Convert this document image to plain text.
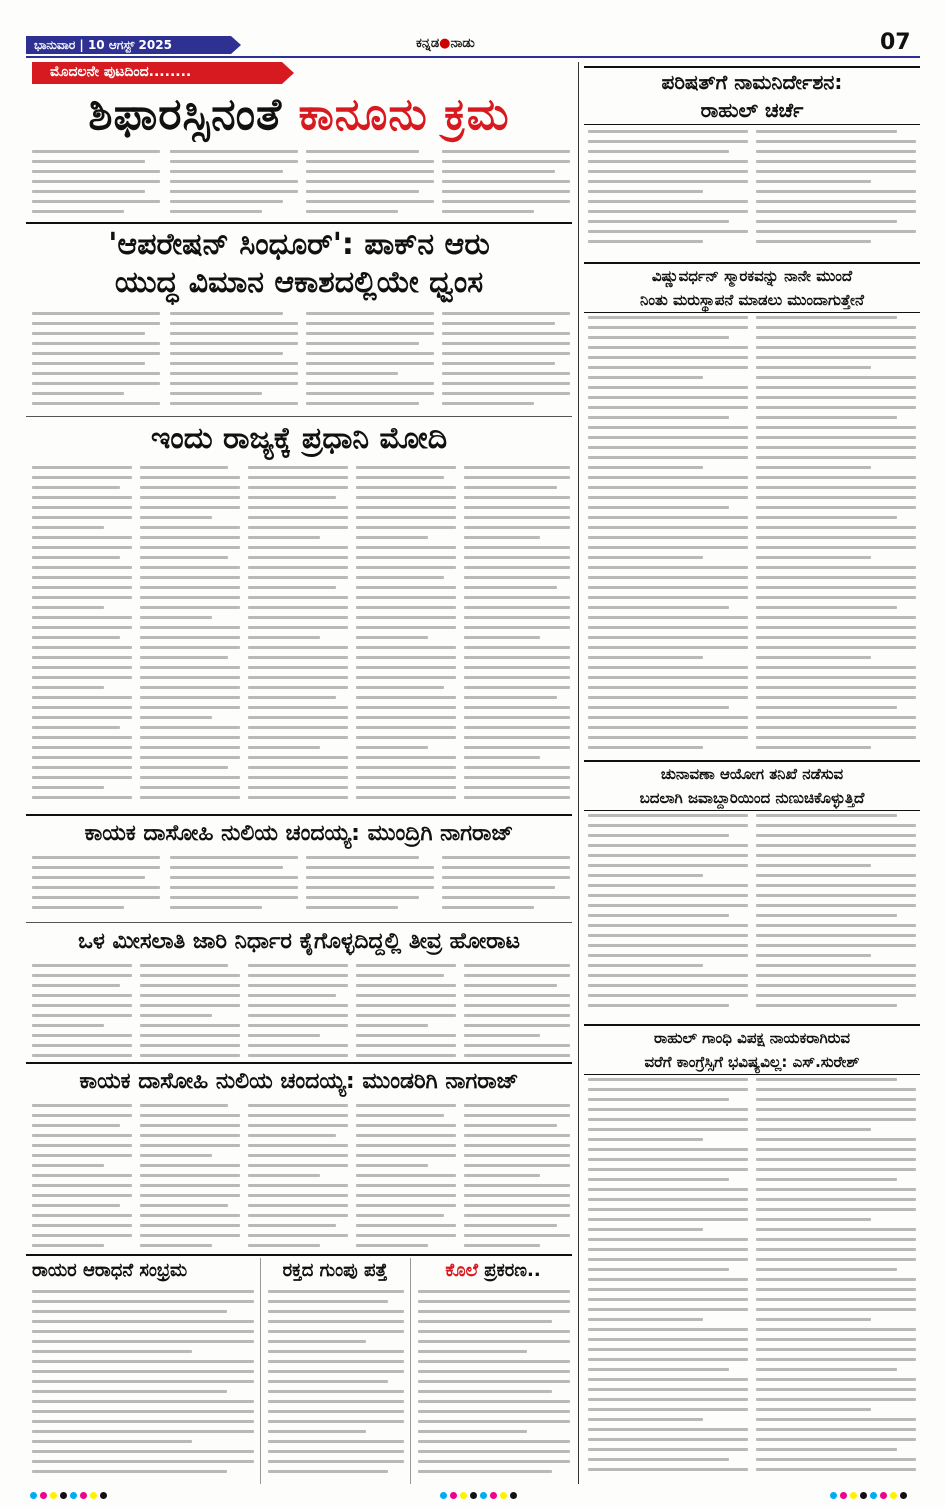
ಭಾನುವಾರ | 10 ಆಗಸ್ಟ್ 2025	ಕನ್ನಡ●ನಾಡು	07
ಮೊದಲನೇ ಪುಟದಿಂದ........
ಶಿಫಾರಸ್ಸಿನಂತೆ ಕಾನೂನು ಕ್ರಮ
'ಆಪರೇಷನ್ ಸಿಂಧೂರ್': ಪಾಕ್‌ನ ಆರು
ಯುದ್ಧ ವಿಮಾನ ಆಕಾಶದಲ್ಲಿಯೇ ಧ್ವಂಸ
ಇಂದು ರಾಜ್ಯಕ್ಕೆ ಪ್ರಧಾನಿ ಮೋದಿ
ಕಾಯಕ ದಾಸೋಹಿ ನುಲಿಯ ಚಂದಯ್ಯ: ಮುಂದ್ರಿಗಿ ನಾಗರಾಜ್
ಒಳ ಮೀಸಲಾತಿ ಜಾರಿ ನಿರ್ಧಾರ ಕೈಗೊಳ್ಳದಿದ್ದಲ್ಲಿ ತೀವ್ರ ಹೋರಾಟ
ಕಾಯಕ ದಾಸೋಹಿ ನುಲಿಯ ಚಂದಯ್ಯ: ಮುಂಡರಿಗಿ ನಾಗರಾಜ್
ರಾಯರ ಆರಾಧನೆ ಸಂಭ್ರಮ	ರಕ್ತದ ಗುಂಪು ಪತ್ತೆ	ಕೊಲೆ ಪ್ರಕರಣ..
ಪರಿಷತ್‌ಗೆ ನಾಮನಿರ್ದೇಶನ:
ರಾಹುಲ್ ಚರ್ಚೆ
ವಿಷ್ಣುವರ್ಧನ್ ಸ್ಮಾರಕವನ್ನು ನಾನೇ ಮುಂದೆ
ನಿಂತು ಮರುಸ್ಥಾಪನೆ ಮಾಡಲು ಮುಂದಾಗುತ್ತೇನೆ
ಚುನಾವಣಾ ಆಯೋಗ ತನಿಖೆ ನಡೆಸುವ
ಬದಲಾಗಿ ಜವಾಬ್ದಾರಿಯಿಂದ ನುಣುಚಿಕೊಳ್ಳುತ್ತಿದೆ
ರಾಹುಲ್ ಗಾಂಧಿ ವಿಪಕ್ಷ ನಾಯಕರಾಗಿರುವ
ವರೆಗೆ ಕಾಂಗ್ರೆಸ್ಸಿಗೆ ಭವಿಷ್ಯವಿಲ್ಲ: ಎಸ್.ಸುರೇಶ್
